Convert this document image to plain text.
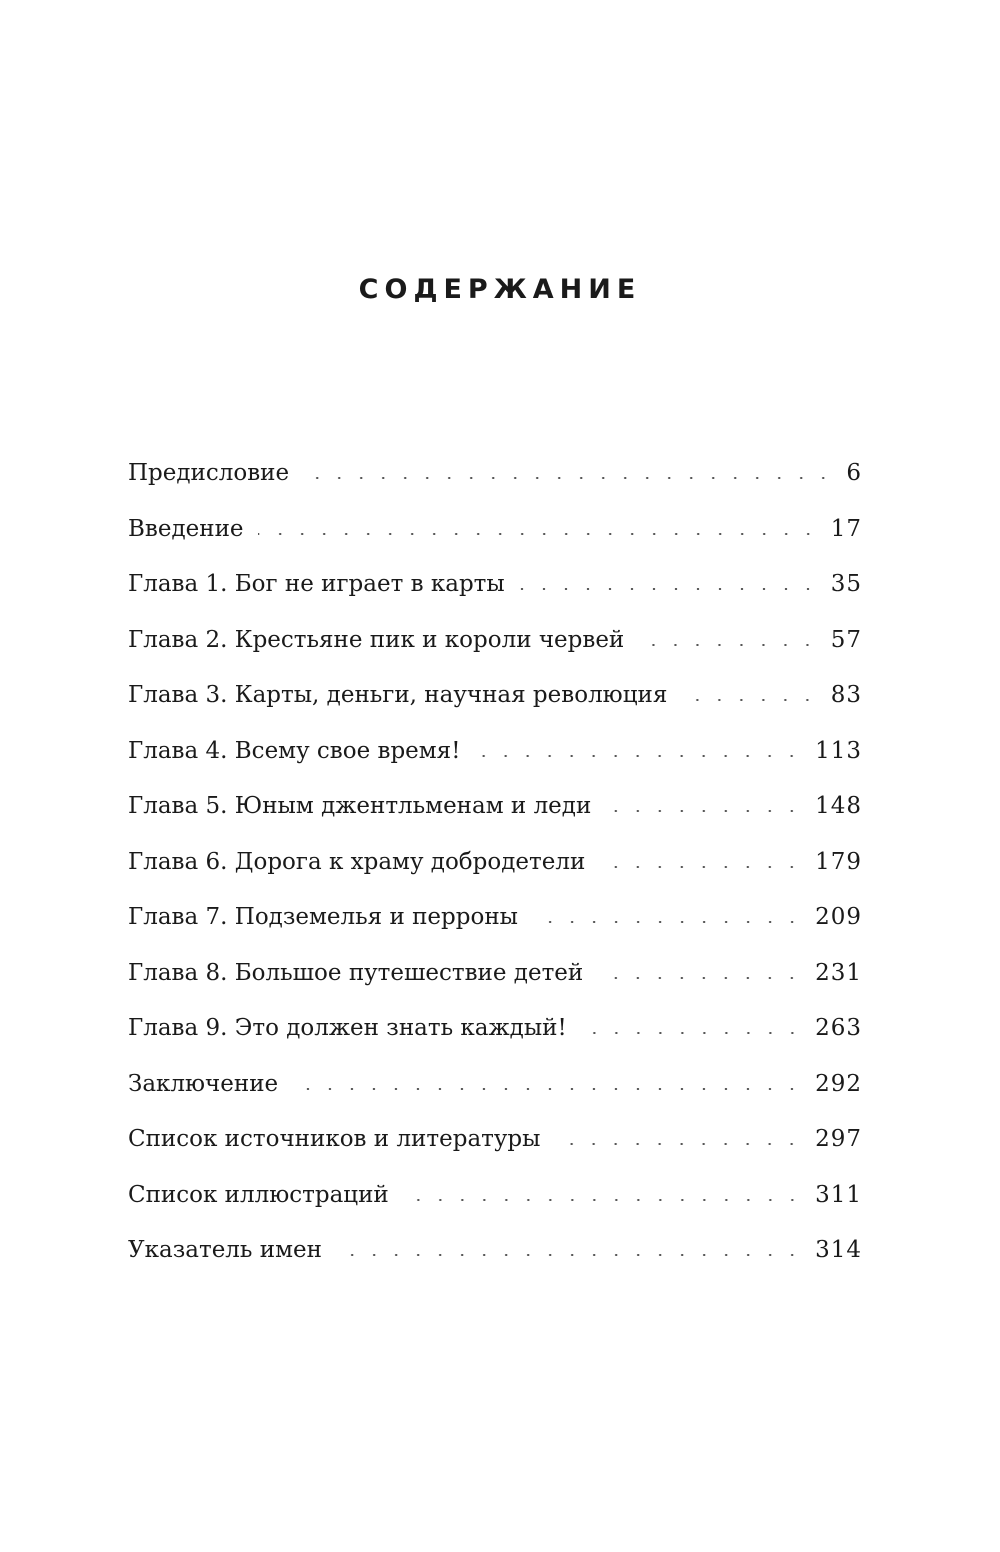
СОДЕРЖАНИЕ
Предисловие	6
Введение	17
Глава 1. Бог не играет в карты	35
Глава 2. Крестьяне пик и короли червей	57
Глава 3. Карты, деньги, научная революция	83
Глава 4. Всему свое время!	113
Глава 5. Юным джентльменам и леди	148
Глава 6. Дорога к храму добродетели	179
Глава 7. Подземелья и перроны	209
Глава 8. Большое путешествие детей	231
Глава 9. Это должен знать каждый!	263
Заключение	292
Список источников и литературы	297
Список иллюстраций	311
Указатель имен	314
